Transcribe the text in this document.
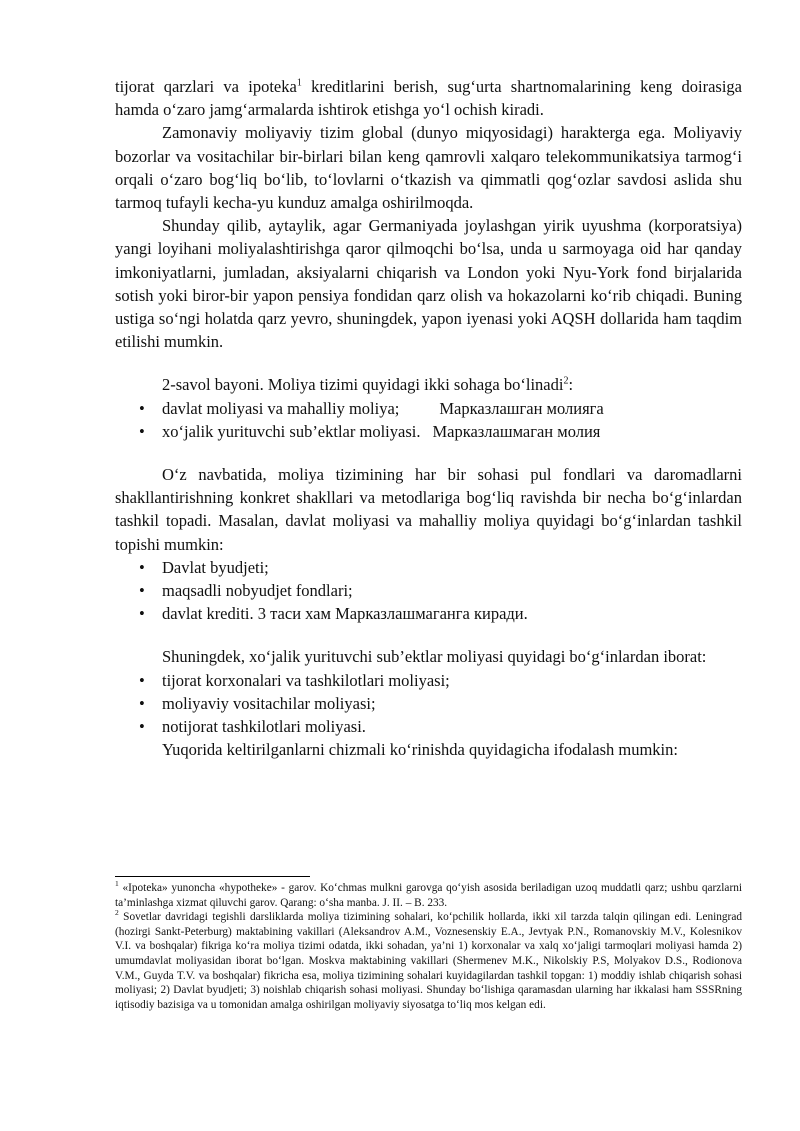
tijorat qarzlari va ipoteka$^1$ kreditlarini berish, sug‘urta shartnomalarining keng doirasiga hamda o‘zaro jamg‘armalarda ishtirok etishga yo‘l ochish kiradi.

Zamonaviy moliyaviy tizim global (dunyo miqyosidagi) harakterga ega. Moliyaviy bozorlar va vositachilar bir-birlari bilan keng qamrovli xalqaro telekommunikatsiya tarmog‘i orqali o‘zaro bog‘liq bo‘lib, to‘lovlarni o‘tkazish va qimmatli qog‘ozlar savdosi aslida shu tarmoq tufayli kecha-yu kunduz amalga oshirilmoqda.

Shunday qilib, aytaylik, agar Germaniyada joylashgan yirik uyushma (korporatsiya) yangi loyihani moliyalashtirishga qaror qilmoqchi bo‘lsa, unda u sarmoyaga oid har qanday imkoniyatlarni, jumladan, aksiyalarni chiqarish va London yoki Nyu-York fond birjalarida sotish yoki biror-bir yapon pensiya fondidan qarz olish va hokazolarni ko‘rib chiqadi. Buning ustiga so‘ngi holatda qarz yevro, shuningdek, yapon iyenasi yoki AQSH dollarida ham taqdim etilishi mumkin.

2-savol bayoni. Moliya tizimi quyidagi ikki sohaga bo‘linadi$^2$:

• davlat moliyasi va mahalliy moliya; Марказлашган молияга
• xo‘jalik yurituvchi sub’ektlar moliyasi. Марказлашмаган молия

O‘z navbatida, moliya tizimining har bir sohasi pul fondlari va daromadlarni shakllantirishning konkret shakllari va metodlariga bog‘liq ravishda bir necha bo‘g‘inlardan tashkil topadi. Masalan, davlat moliyasi va mahalliy moliya quyidagi bo‘g‘inlardan tashkil topishi mumkin:

• Davlat byudjeti;
• maqsadli nobyudjet fondlari;
• davlat krediti. 3 таси хам Марказлашмаганга киради.

Shuningdek, xo‘jalik yurituvchi sub’ektlar moliyasi quyidagi bo‘g‘inlardan iborat:

• tijorat korxonalari va tashkilotlari moliyasi;
• moliyaviy vositachilar moliyasi;
• notijorat tashkilotlari moliyasi.

Yuqorida keltirilganlarni chizmali ko‘rinishda quyidagicha ifodalash mumkin:

$^1$ «Ipoteka» yunoncha «hypotheke» - garov. Ko‘chmas mulkni garovga qo‘yish asosida beriladigan uzoq muddatli qarz; ushbu qarzlarni ta’minlashga xizmat qiluvchi garov. Qarang: o‘sha manba. J. II. – B. 233.

$^2$ Sovetlar davridagi tegishli darsliklarda moliya tizimining sohalari, ko‘pchilik hollarda, ikki xil tarzda talqin qilingan edi. Leningrad (hozirgi Sankt-Peterburg) maktabining vakillari (Aleksandrov A.M., Voznesenskiy E.A., Jevtyak P.N., Romanovskiy M.V., Kolesnikov V.I. va boshqalar) fikriga ko‘ra moliya tizimi odatda, ikki sohadan, ya’ni 1) korxonalar va xalq xo‘jaligi tarmoqlari moliyasi hamda 2) umumdavlat moliyasidan iborat bo‘lgan. Moskva maktabining vakillari (Shermenev M.K., Nikolskiy P.S, Molyakov D.S., Rodionova V.M., Guyda T.V. va boshqalar) fikricha esa, moliya tizimining sohalari kuyidagilardan tashkil topgan: 1) moddiy ishlab chiqarish sohasi moliyasi; 2) Davlat byudjeti; 3) noishlab chiqarish sohasi moliyasi. Shunday bo‘lishiga qaramasdan ularning har ikkalasi ham SSSRning iqtisodiy bazisiga va u tomonidan amalga oshirilgan moliyaviy siyosatga to‘liq mos kelgan edi.
